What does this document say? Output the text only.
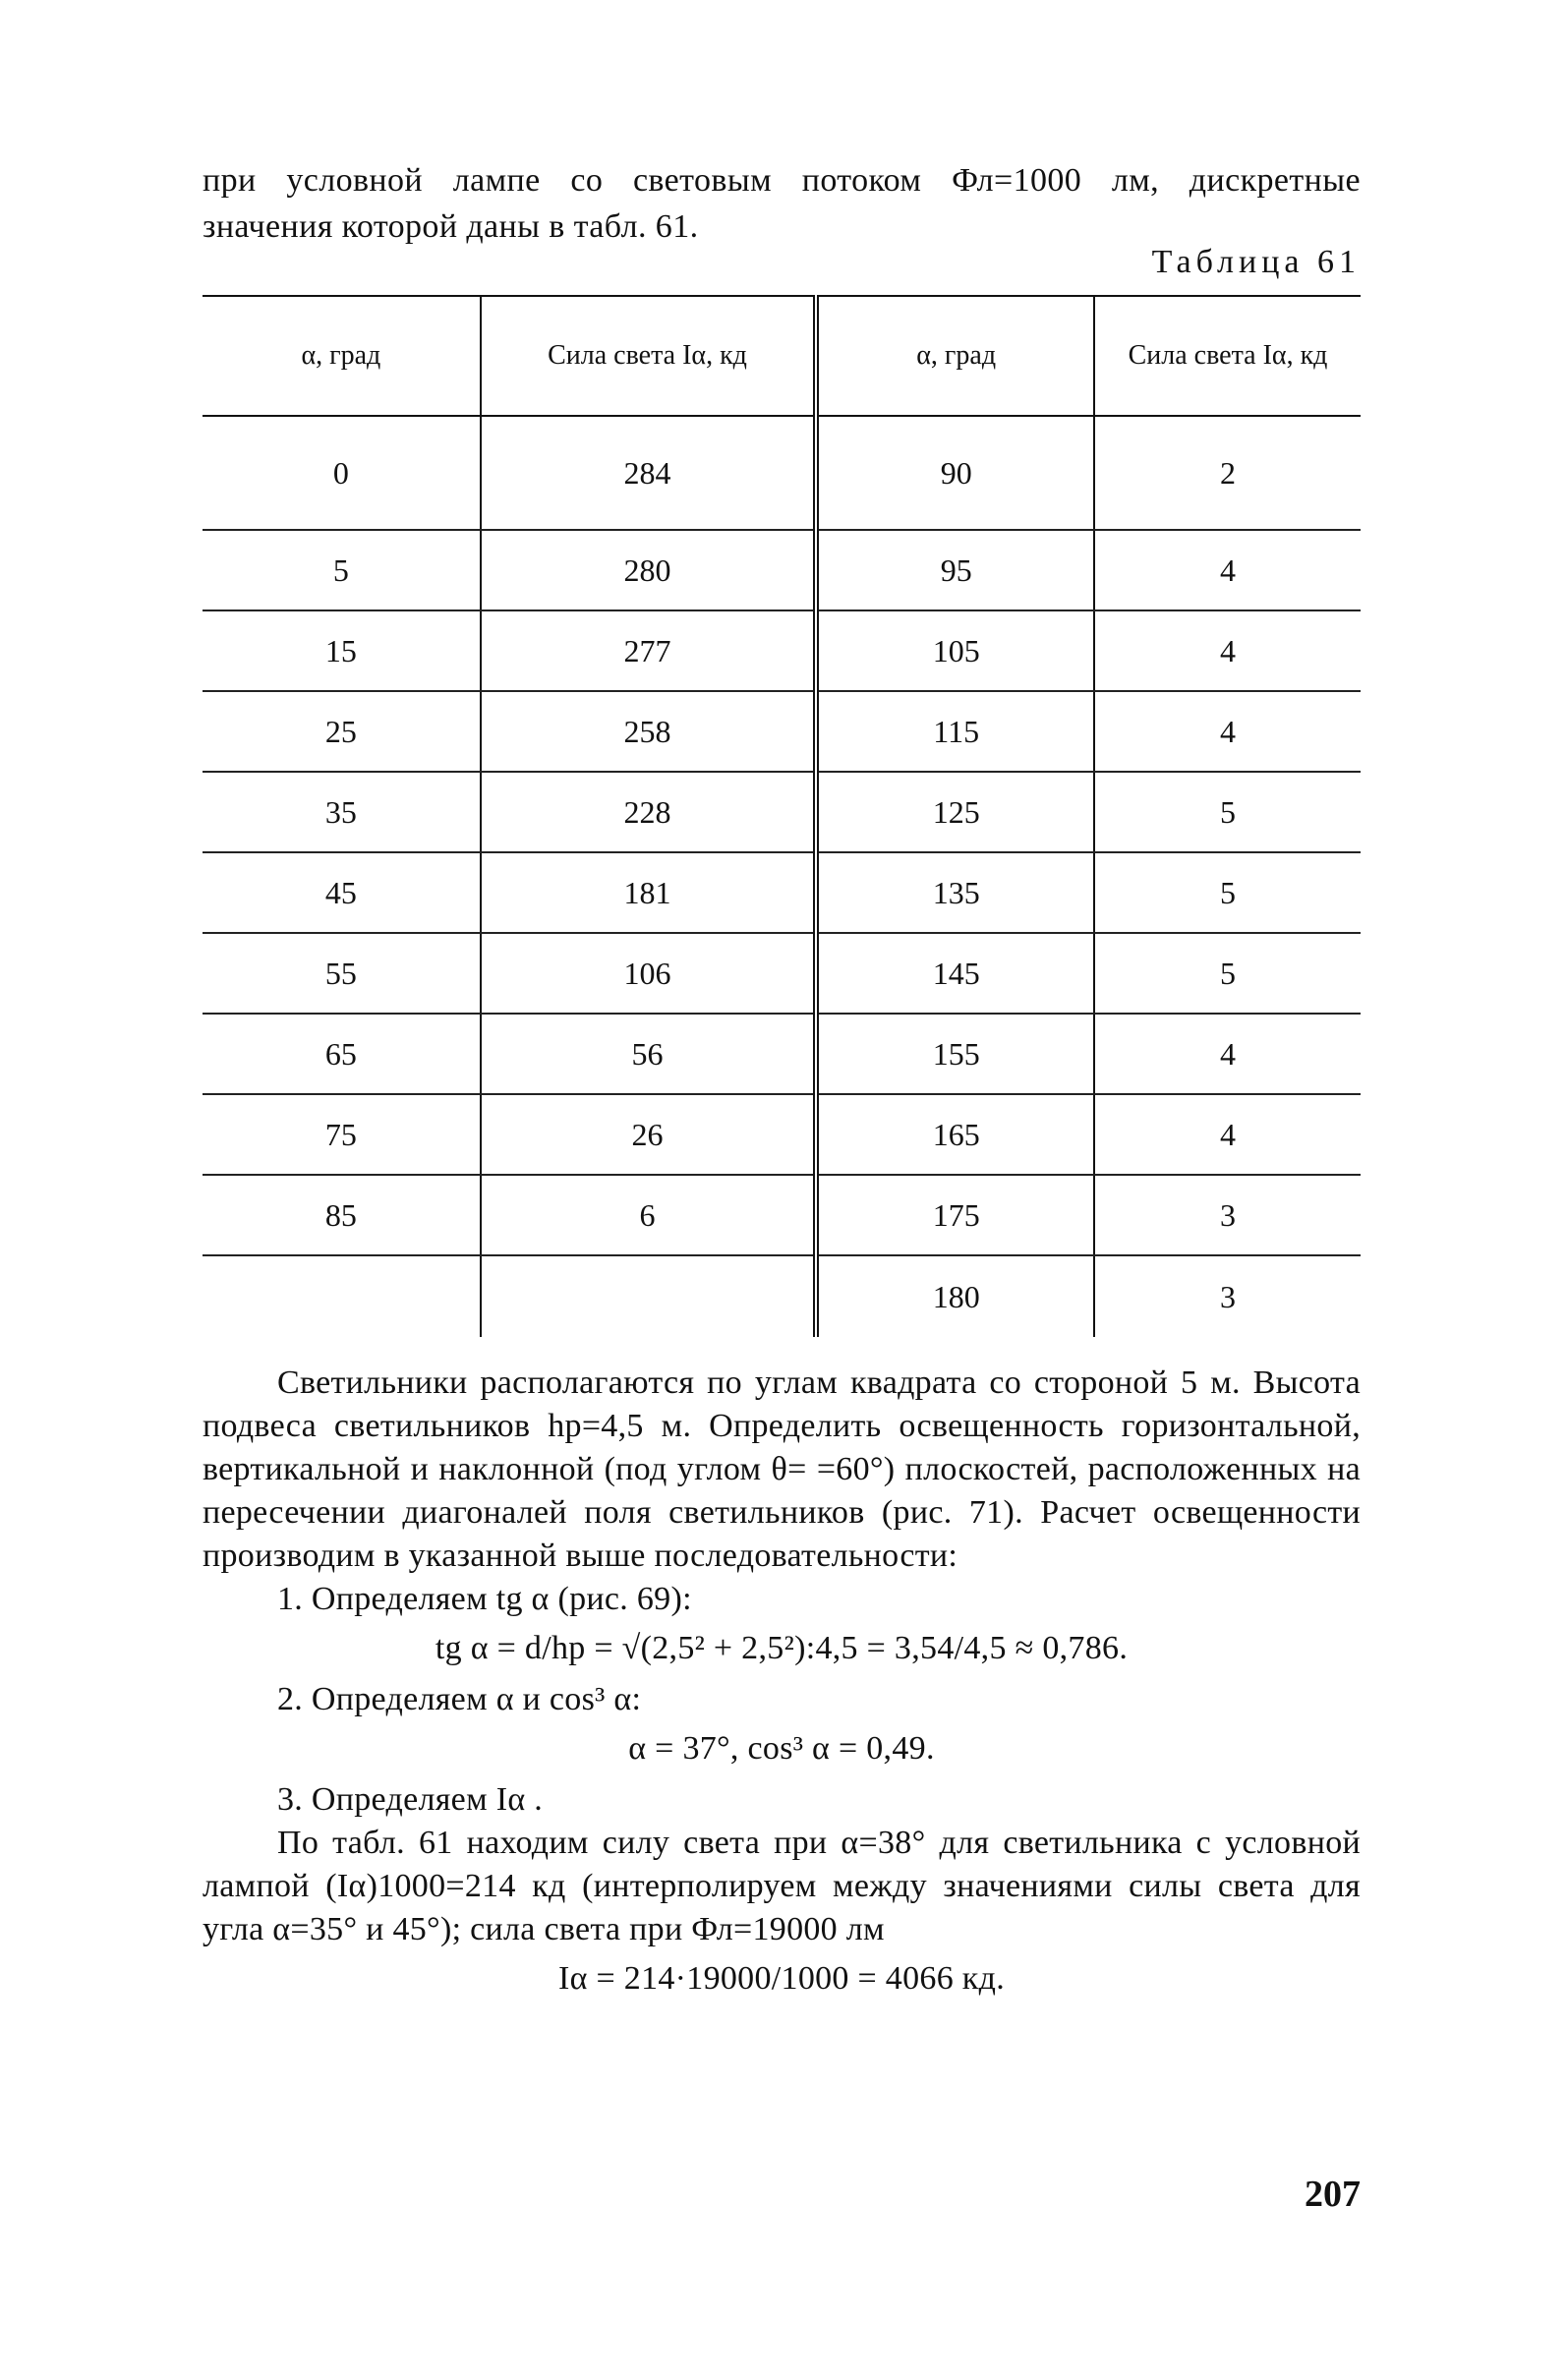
при условной лампе со световым потоком Фл=1000 лм, дискретные

значения которой даны в табл. 61.

Таблица 61
α, град	Сила света Iα, кд	α, град	Сила света Iα, кд
0	284	90	2
5	280	95	4
15	277	105	4
25	258	115	4
35	228	125	5
45	181	135	5
55	106	145	5
65	56	155	4
75	26	165	4
85	6	175	3
		180	3

Светильники располагаются по углам квадрата со стороной 5 м. Высота подвеса светильников hр=4,5 м. Определить освещенность горизонтальной, вертикальной и наклонной (под углом θ= =60°) плоскостей, расположенных на пересечении диагоналей поля светильников (рис. 71). Расчет освещенности производим в указанной выше последовательности:

1. Определяем tg α (рис. 69):

tg α = d/hр = √(2,5² + 2,5²):4,5 = 3,54/4,5 ≈ 0,786.

2. Определяем α и cos³ α:

α = 37°, cos³ α = 0,49.

3. Определяем Iα .

По табл. 61 находим силу света при α=38° для светильника с условной лампой (Iα)1000=214 кд (интерполируем между значениями силы света для угла α=35° и 45°); сила света при Фл=19000 лм

Iα = 214·19000/1000 = 4066 кд.

207
